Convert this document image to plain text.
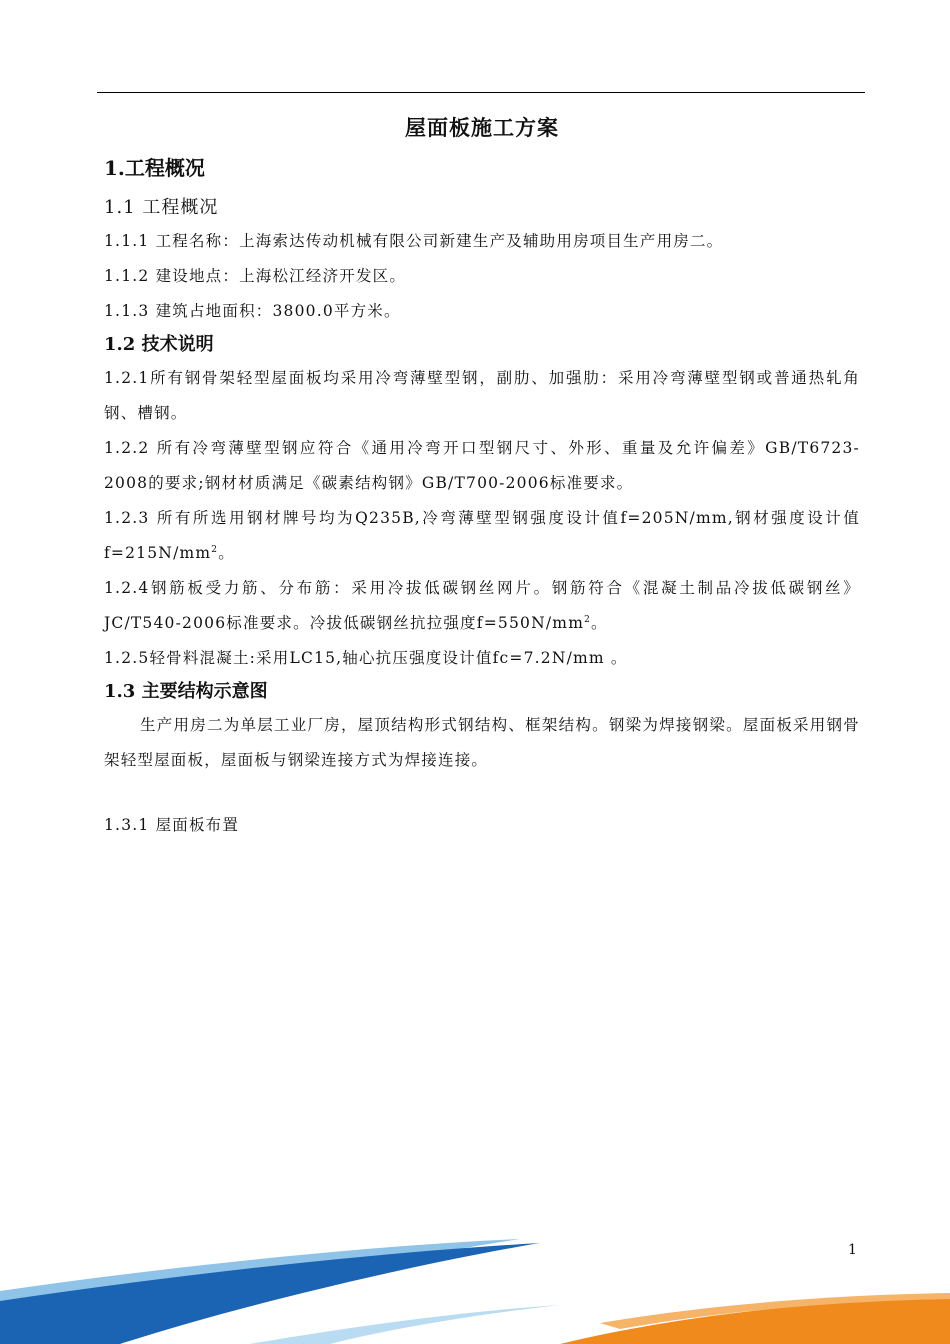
屋面板施工方案
1.工程概况
1.1 工程概况

1.1.1 工程名称：上海索达传动机械有限公司新建生产及辅助用房项目生产用房二。

1.1.2 建设地点：上海松江经济开发区。

1.1.3 建筑占地面积：3800.0平方米。

1.2 技术说明

1.2.1所有钢骨架轻型屋面板均采用冷弯薄壁型钢，副肋、加强肋：采用冷弯薄壁型钢或普通热轧角钢、槽钢。

1.2.2 所有冷弯薄壁型钢应符合《通用冷弯开口型钢尺寸、外形、重量及允许偏差》GB/T6723-2008的要求;钢材材质满足《碳素结构钢》GB/T700-2006标准要求。

1.2.3 所有所选用钢材牌号均为Q235B,冷弯薄壁型钢强度设计值f=205N/mm,钢材强度设计值$f=215N/mm^2$。

1.2.4钢筋板受力筋、分布筋：采用冷拔低碳钢丝网片。钢筋符合《混凝土制品冷拔低碳钢丝》JC/T540-2006标准要求。冷拔低碳钢丝抗拉强度$f=550N/mm^2$。

1.2.5轻骨料混凝土:采用LC15,轴心抗压强度设计值fc=7.2N/mm 。

1.3 主要结构示意图

生产用房二为单层工业厂房，屋顶结构形式钢结构、框架结构。钢梁为焊接钢梁。屋面板采用钢骨架轻型屋面板，屋面板与钢梁连接方式为焊接连接。

1.3.1 屋面板布置

1
